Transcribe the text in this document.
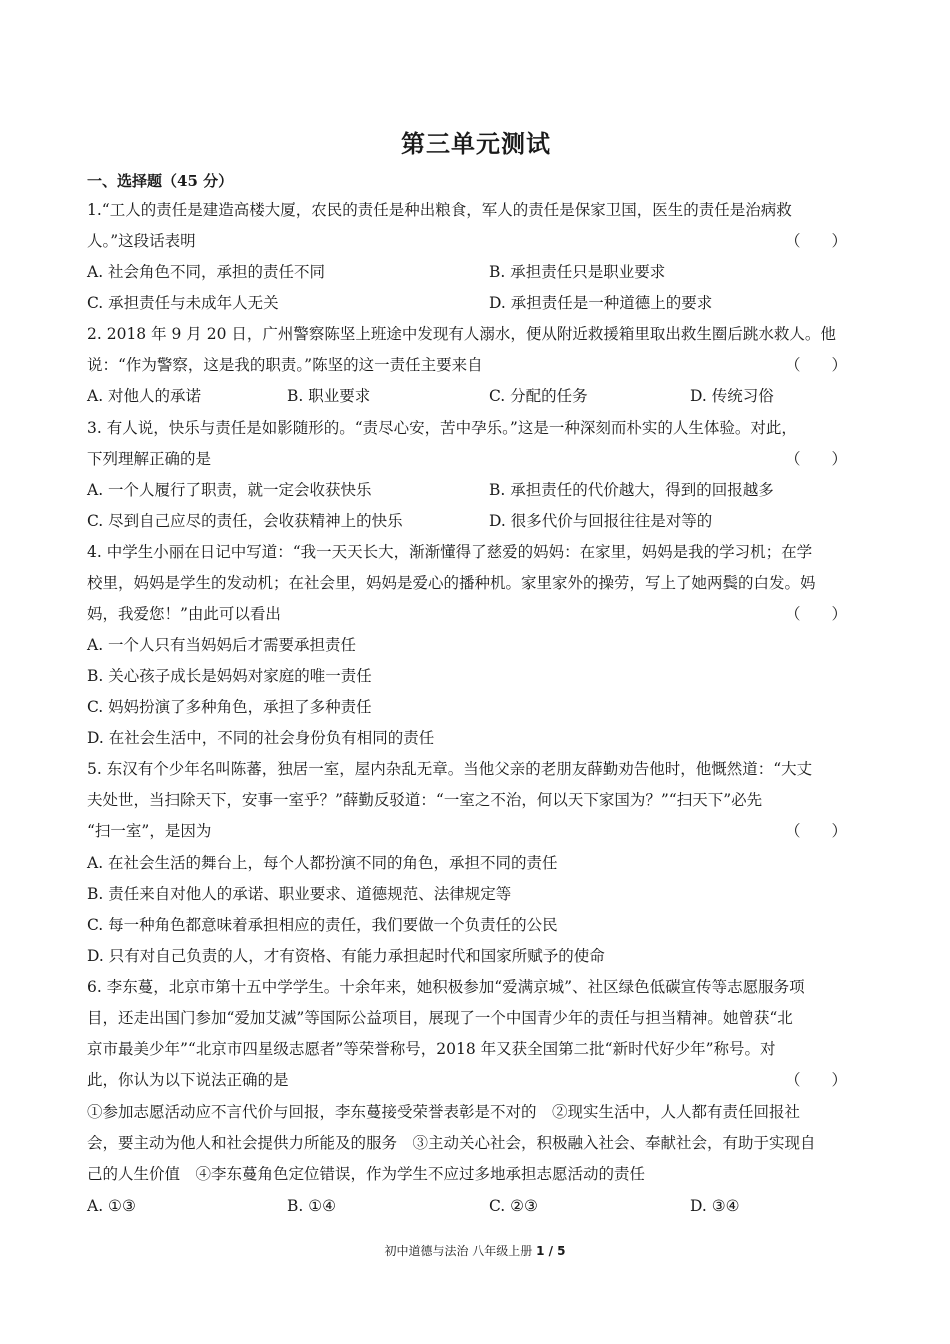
第三单元测试
一、选择题（45 分）
1.“工人的责任是建造高楼大厦，农民的责任是种出粮食，军人的责任是保家卫国，医生的责任是治病救
人。”这段话表明	（　　）
A. 社会角色不同，承担的责任不同	B. 承担责任只是职业要求
C. 承担责任与未成年人无关	D. 承担责任是一种道德上的要求
2. 2018 年 9 月 20 日，广州警察陈坚上班途中发现有人溺水，便从附近救援箱里取出救生圈后跳水救人。他
说：“作为警察，这是我的职责。”陈坚的这一责任主要来自	（　　）
A. 对他人的承诺	B. 职业要求	C. 分配的任务	D. 传统习俗
3. 有人说，快乐与责任是如影随形的。“责尽心安，苦中孕乐。”这是一种深刻而朴实的人生体验。对此，
下列理解正确的是	（　　）
A. 一个人履行了职责，就一定会收获快乐	B. 承担责任的代价越大，得到的回报越多
C. 尽到自己应尽的责任，会收获精神上的快乐	D. 很多代价与回报往往是对等的
4. 中学生小丽在日记中写道：“我一天天长大，渐渐懂得了慈爱的妈妈：在家里，妈妈是我的学习机；在学
校里，妈妈是学生的发动机；在社会里，妈妈是爱心的播种机。家里家外的操劳，写上了她两鬓的白发。妈
妈，我爱您！”由此可以看出	（　　）
A. 一个人只有当妈妈后才需要承担责任
B. 关心孩子成长是妈妈对家庭的唯一责任
C. 妈妈扮演了多种角色，承担了多种责任
D. 在社会生活中，不同的社会身份负有相同的责任
5. 东汉有个少年名叫陈蕃，独居一室，屋内杂乱无章。当他父亲的老朋友薛勤劝告他时，他慨然道：“大丈
夫处世，当扫除天下，安事一室乎？”薛勤反驳道：“一室之不治，何以天下家国为？”“扫天下”必先
“扫一室”，是因为	（　　）
A. 在社会生活的舞台上，每个人都扮演不同的角色，承担不同的责任
B. 责任来自对他人的承诺、职业要求、道德规范、法律规定等
C. 每一种角色都意味着承担相应的责任，我们要做一个负责任的公民
D. 只有对自己负责的人，才有资格、有能力承担起时代和国家所赋予的使命
6. 李东蔓，北京市第十五中学学生。十余年来，她积极参加“爱满京城”、社区绿色低碳宣传等志愿服务项
目，还走出国门参加“爱加艾滅”等国际公益项目，展现了一个中国青少年的责任与担当精神。她曾获“北
京市最美少年”“北京市四星级志愿者”等荣誉称号，2018 年又获全国第二批“新时代好少年”称号。对
此，你认为以下说法正确的是	（　　）
①参加志愿活动应不言代价与回报，李东蔓接受荣誉表彰是不对的　②现实生活中，人人都有责任回报社
会，要主动为他人和社会提供力所能及的服务　③主动关心社会，积极融入社会、奉献社会，有助于实现自
己的人生价值　④李东蔓角色定位错误，作为学生不应过多地承担志愿活动的责任
A. ①③	B. ①④	C. ②③	D. ③④
初中道德与法治 八年级上册 1 / 5
